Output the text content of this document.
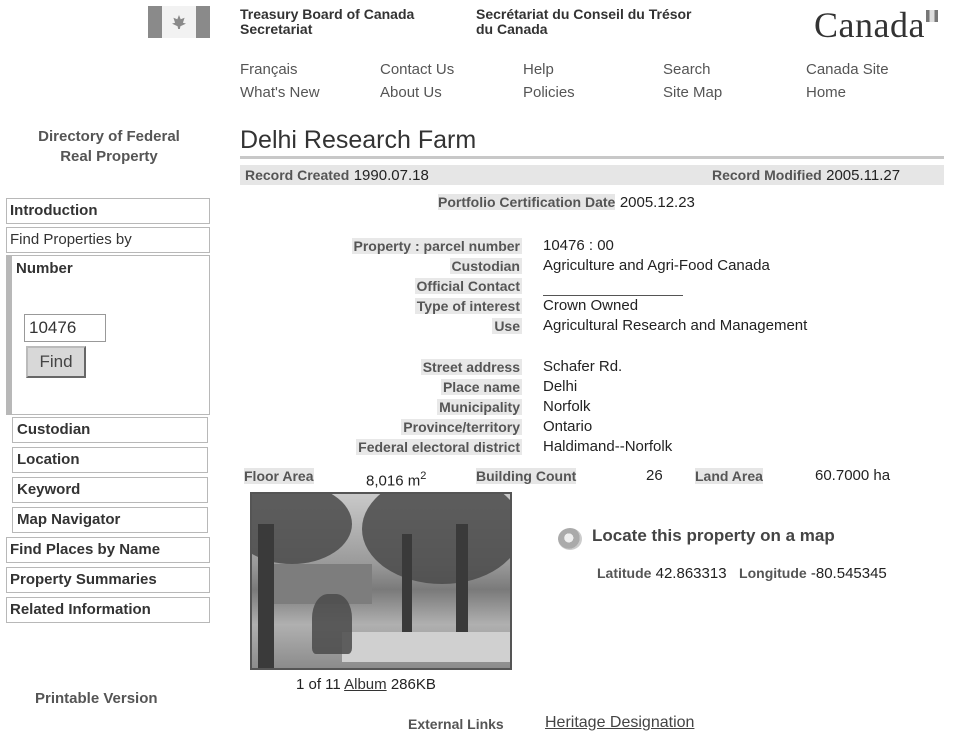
Treasury Board of Canada
Secretariat
Secrétariat du Conseil du Trésor
du Canada	Canada
Français	Contact Us	Help	Search	Canada Site
What's New	About Us	Policies	Site Map	Home
Directory of Federal
Real Property
Introduction
Find Properties by
Number
10476
Find
Custodian
Location
Keyword
Map Navigator
Find Places by Name
Property Summaries
Related Information
Printable Version
Delhi Research Farm
Record Created 1990.07.18	Record Modified 2005.11.27
Portfolio Certification Date 2005.12.23
Property : parcel number 10476 : 00
Custodian Agriculture and Agri-Food Canada
Official Contact
Type of interest Crown Owned
Use Agricultural Research and Management
Street address Schafer Rd.
Place name Delhi
Municipality Norfolk
Province/territory Ontario
Federal electoral district Haldimand--Norfolk
Floor Area	8,016 $m^2$	Building Count	26 Land Area	60.7000 ha
1 of 11 Album 286KB
Locate this property on a map
Latitude 42.863313 Longitude -80.545345
External Links	Heritage Designation
